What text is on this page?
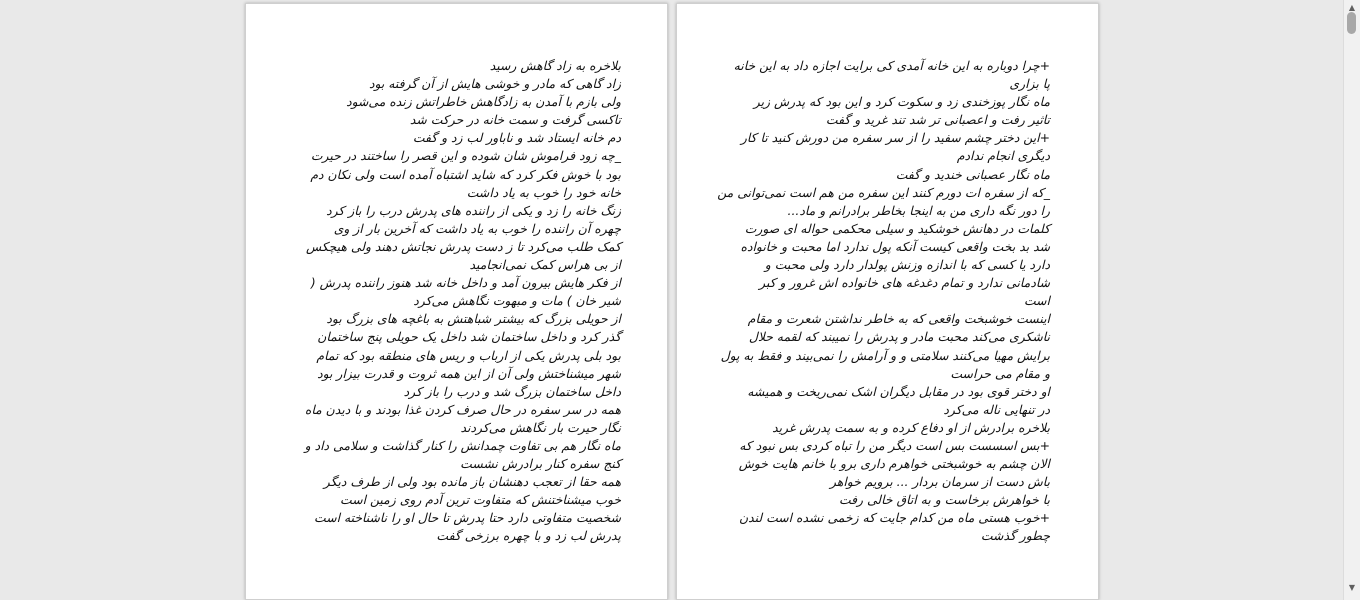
+چرا دوباره به این خانه آمدی کی برایت اجازه داد به این خانه
پا بزاری
ماه نگار پوزخندی زد و سکوت کرد و این بود که پدرش زیر
تاثیر رفت و اعصبانی تر شد تند غرید و گفت
+این دختر چشم سفید را از سر سفره من دورش کنید تا کار
دیگری انجام ندادم
ماه نگار عصبانی خندید و گفت
_که از سفره ات دورم کنند این سفره من هم است نمی‌توانی من
را دور نگه داری من به اینجا بخاطر برادرانم و ماد...
کلمات در دهانش خوشکید و سیلی محکمی حواله ای صورت
شد بد بخت واقعی کیست آنکه پول ندارد اما محبت و خانواده
دارد یا کسی که با اندازه وزنش پولدار دارد ولی محبت و
شادمانی ندارد و تمام دغدغه های خانواده اش غرور و کبر
است
اینست خوشبخت واقعی که به خاطر نداشتن شعرت و مقام
ناشکری می‌کند محبت مادر و پدرش را نمیبند که لقمه حلال
برایش مهیا می‌کنند سلامتی و و آرامش را نمی‌بیند و فقط به پول
و مقام می حراست
او دختر قوی بود در مقابل دیگران اشک نمی‌ریخت و همیشه
در تنهایی ناله می‌کرد
بلاخره برادرش از او دفاع کرده و به سمت پدرش غرید
+بس اسسست بس است دیگر من را تباه کردی بس نبود که
الان چشم به خوشبختی خواهرم داری برو با خانم هایت خوش
باش دست از سرمان بردار ... برویم خواهر
با خواهرش برخاست و به اتاق خالی رفت
+خوب هستی ماه من کدام جایت که زخمی نشده است لندن
چطور گذشت
بلاخره به زاد گاهش رسید
زاد گاهی که مادر و خوشی هایش از آن گرفته بود
ولی بازم با آمدن به زادگاهش خاطراتش زنده می‌شود
تاکسی گرفت و سمت خانه در حرکت شد
دم خانه ایستاد شد و ناباور لب زد و گفت
_چه زود فراموش شان شوده و این قصر را ساختند در حیرت
بود با خوش فکر کرد که شاید اشتباه آمده است ولی نکان دم
خانه خود را خوب به یاد داشت
زنگ خانه را زد و یکی از راننده های پدرش درب را باز کرد
چهره آن راننده را خوب به یاد داشت که آخرین بار از وی
کمک طلب می‌کرد تا ز دست پدرش نجاتش دهند ولی هیچکس
از بی هراس کمک نمی‌انجامید
از فکر هایش بیرون آمد و داخل خانه شد هنوز راننده پدرش (
شیر خان ) مات و مبهوت نگاهش می‌کرد
از حویلی بزرگ که بیشتر شباهتش به باغچه های بزرگ بود
گذر کرد و داخل ساختمان شد داخل یک حویلی پنج ساختمان
بود بلی پدرش یکی از ارباب و ریس های منطقه بود که تمام
شهر میشناختش ولی آن از این همه ثروت و قدرت بیزار بود
داخل ساختمان بزرگ شد و درب را باز کرد
همه در سر سفره در حال صرف کردن غذا بودند و با دیدن ماه
نگار حیرت بار نگاهش می‌کردند
ماه نگار هم بی تفاوت چمدانش را کنار گذاشت و سلامی داد و
کنج سفره کنار برادرش نشست
همه حقا از تعجب دهنشان باز مانده بود ولی از طرف دیگر
خوب میشناختنش که متفاوت ترین آدم روی زمین است
شخصیت متفاوتی دارد حتا پدرش تا حال او را ناشناخته است
پدرش لب زد و با چهره برزخی گفت
▲
▼
